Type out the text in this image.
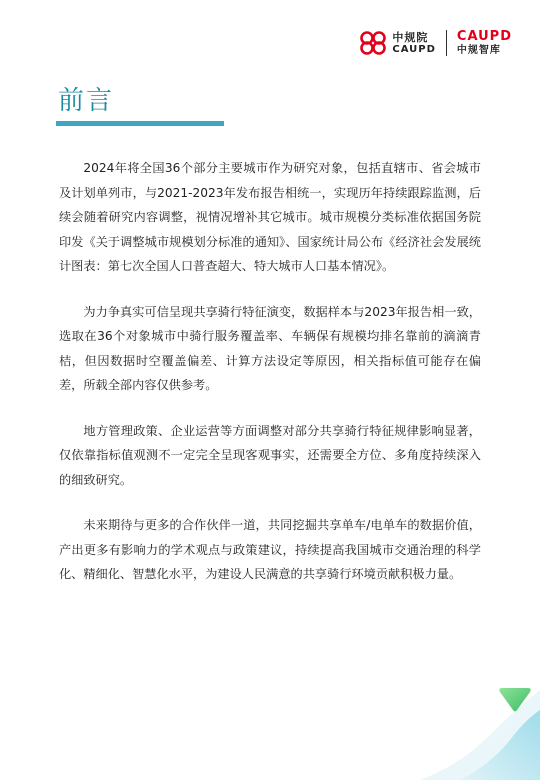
中规院
CAUPD
CAUPD
中规智库
前言

2024年将全国36个部分主要城市作为研究对象，包括直辖市、省会城市及计划单列市，与2021-2023年发布报告相统一，实现历年持续跟踪监测，后续会随着研究内容调整，视情况增补其它城市。城市规模分类标准依据国务院印发《关于调整城市规模划分标准的通知》、国家统计局公布《经济社会发展统计图表：第七次全国人口普查超大、特大城市人口基本情况》。

为力争真实可信呈现共享骑行特征演变，数据样本与2023年报告相一致，选取在36个对象城市中骑行服务覆盖率、车辆保有规模均排名靠前的滴滴青桔，但因数据时空覆盖偏差、计算方法设定等原因，相关指标值可能存在偏差，所载全部内容仅供参考。

地方管理政策、企业运营等方面调整对部分共享骑行特征规律影响显著，仅依靠指标值观测不一定完全呈现客观事实，还需要全方位、多角度持续深入的细致研究。

未来期待与更多的合作伙伴一道，共同挖掘共享单车/电单车的数据价值，产出更多有影响力的学术观点与政策建议，持续提高我国城市交通治理的科学化、精细化、智慧化水平，为建设人民满意的共享骑行环境贡献积极力量。
